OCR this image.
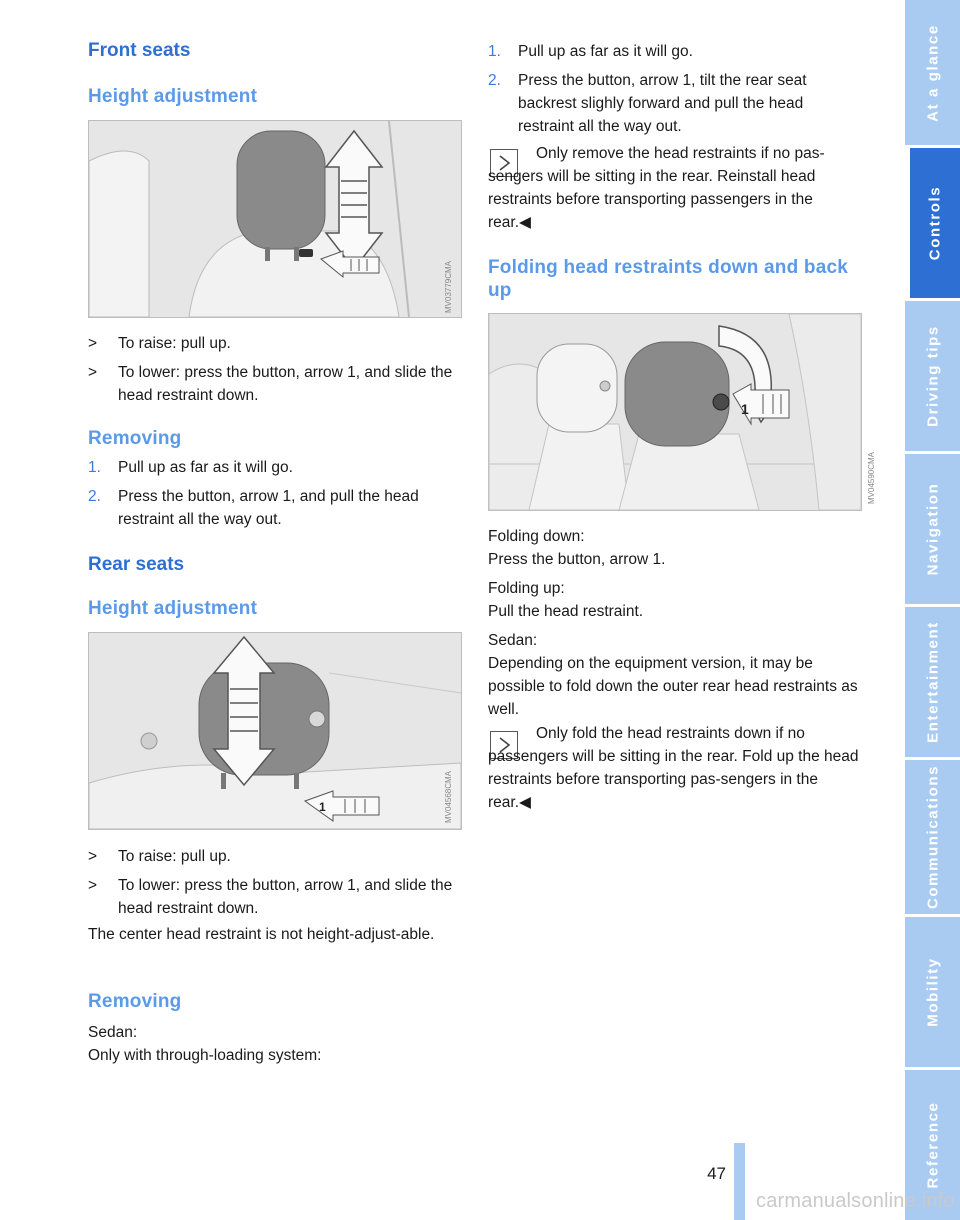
Front seats
Height adjustment
MV03779CMA
> To raise: pull up.
> To lower: press the button, arrow 1, and slide the head restraint down.
Removing
1. Pull up as far as it will go.
2. Press the button, arrow 1, and pull the head restraint all the way out.
Rear seats
Height adjustment
1	MV04568CMA
> To raise: pull up.
> To lower: press the button, arrow 1, and slide the head restraint down.

The center head restraint is not height-adjust-able.

Removing

Sedan:

Only with through-loading system:

1. Pull up as far as it will go.
2. Press the button, arrow 1, tilt the rear seat backrest slighly forward and pull the head restraint all the way out.

Only remove the head restraints if no pas-sengers will be sitting in the rear. Reinstall head restraints before transporting passengers in the rear.◀

Folding head restraints down and back up
1
MV04590CMA

Folding down:

Press the button, arrow 1.

Folding up:

Pull the head restraint.

Sedan:

Depending on the equipment version, it may be possible to fold down the outer rear head restraints as well.

Only fold the head restraints down if no passengers will be sitting in the rear. Fold up the head restraints before transporting pas-sengers in the rear.◀

At a glance
Controls
Driving tips
Navigation
Entertainment
Communications
Mobility
Reference
47
carmanualsonline.info
